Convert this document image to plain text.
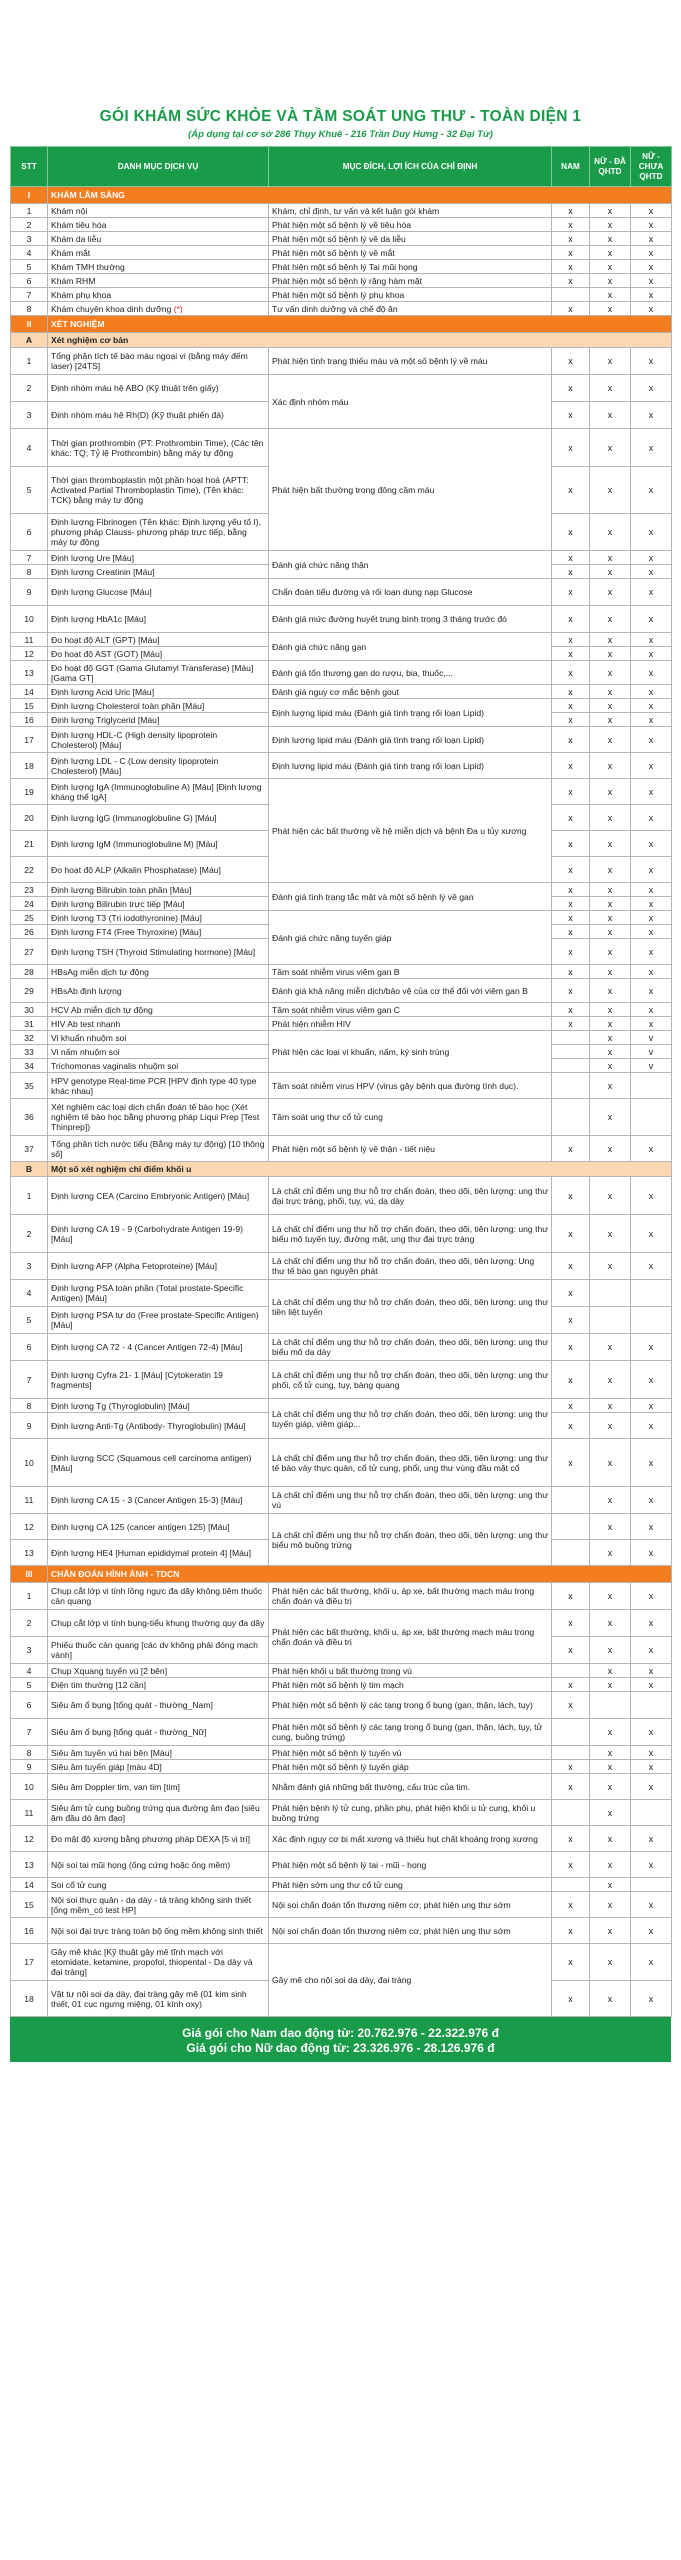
GÓI KHÁM SỨC KHỎE VÀ TẦM SOÁT UNG THƯ - TOÀN DIỆN 1
(Áp dụng tại cơ sở 286 Thụy Khuê - 216 Trần Duy Hưng - 32 Đại Từ)
STT	DANH MỤC DỊCH VỤ	MỤC ĐÍCH, LỢI ÍCH CỦA CHỈ ĐỊNH	NAM	NỮ - ĐÃ QHTD	NỮ - CHƯA QHTD
I	KHÁM LÂM SÀNG				
1	Khám nội	Khám, chỉ định, tư vấn và kết luận gói khám	x	x	x
2	Khám tiêu hóa	Phát hiện một số bệnh lý về tiêu hóa	x	x	x
3	Khám da liễu	Phát hiện một số bệnh lý về da liễu	x	x	x
4	Khám mắt	Phát hiện một số bệnh lý về mắt	x	x	x
5	Khám TMH thường	Phát hiện một số bệnh lý Tai mũi họng	x	x	x
6	Khám RHM	Phát hiện một số bệnh lý răng hàm mặt	x	x	x
7	Khám phụ khoa	Phát hiện một số bệnh lý phụ khoa		x	x
8	Khám chuyên khoa dinh dưỡng (*)	Tư vấn dinh dưỡng và chế độ ăn	x	x	x
II	XÉT NGHIỆM				
A	Xét nghiệm cơ bản				
1	Tổng phân tích tế bào máu ngoại vi (bằng máy đếm laser) [24TS]	Phát hiện tình trạng thiếu máu và một số bệnh lý về máu	x	x	x
2	Định nhóm máu hệ ABO (Kỹ thuật trên giấy)	Xác định nhóm máu	x	x	x
3	Định nhóm máu hệ Rh(D) (Kỹ thuật phiến đá)		x	x	x
4	Thời gian prothrombin (PT: Prothrombin Time), (Các tên khác: TQ; Tỷ lệ Prothrombin) bằng máy tự động	Phát hiện bất thường trong đông cầm máu	x	x	x
5	Thời gian thromboplastin một phần hoạt hoá (APTT: Activated Partial Thromboplastin Time), (Tên khác: TCK) bằng máy tự động		x	x	x
6	Định lượng Fibrinogen (Tên khác: Định lượng yếu tố I), phương pháp Clauss- phương pháp trực tiếp, bằng máy tự động		x	x	x
7	Định lượng Ure [Máu]	Đánh giá chức năng thận	x	x	x
8	Định lượng Creatinin [Máu]		x	x	x
9	Định lượng Glucose [Máu]	Chẩn đoán tiểu đường và rối loạn dung nạp Glucose	x	x	x
10	Định lượng HbA1c [Máu]	Đánh giá mức đường huyết trung bình trong 3 tháng trước đó	x	x	x
11	Đo hoạt độ ALT (GPT) [Máu]	Đánh giá chức năng gan	x	x	x
12	Đo hoạt độ AST (GOT) [Máu]		x	x	x
13	Đo hoạt độ GGT (Gama Glutamyl Transferase) [Máu] [Gama GT]	Đánh giá tổn thương gan do rượu, bia, thuốc,...	x	x	x
14	Định lượng Acid Uric [Máu]	Đánh giá nguy cơ mắc bệnh gout	x	x	x
15	Định lượng Cholesterol toàn phần [Máu]	Định lượng lipid máu (Đánh giá tình trạng rối loạn Lipid)	x	x	x
16	Định lượng Triglycerid [Máu]		x	x	x
17	Định lượng HDL-C (High density lipoprotein Cholesterol) [Máu]	Định lượng lipid máu (Đánh giá tình trạng rối loạn Lipid)	x	x	x
18	Định lượng LDL - C (Low density lipoprotein Cholesterol) [Máu]	Định lượng lipid máu (Đánh giá tình trạng rối loạn Lipid)	x	x	x
19	Định lượng IgA (Immunoglobuline A) [Máu] [Định lượng kháng thể IgA]	Phát hiện các bất thường về hệ miễn dịch và bệnh Đa u tủy xương	x	x	x
20	Định lượng IgG (Immunoglobuline G) [Máu]		x	x	x
21	Định lượng IgM (Immunoglobuline M) [Máu]		x	x	x
22	Đo hoạt độ ALP (Alkalin Phosphatase) [Máu]		x	x	x
23	Định lượng Bilirubin toàn phần [Máu]	Đánh giá tình trạng tắc mật và một số bệnh lý về gan	x	x	x
24	Định lượng Bilirubin trực tiếp [Máu]		x	x	x
25	Định lượng T3 (Tri iodothyronine) [Máu]	Đánh giá chức năng tuyến giáp	x	x	x
26	Định lượng FT4 (Free Thyroxine) [Máu]		x	x	x
27	Định lượng TSH (Thyroid Stimulating hormone) [Máu]		x	x	x
28	HBsAg miễn dịch tự động	Tầm soát nhiễm virus viêm gan B	x	x	x
29	HBsAb định lượng	Đánh giá khả năng miễn dịch/bảo vệ của cơ thể đối với viêm gan B	x	x	x
30	HCV Ab miễn dịch tự động	Tầm soát nhiễm virus viêm gan C	x	x	x
31	HIV Ab test nhanh	Phát hiện nhiễm HIV	x	x	x
32	Vi khuẩn nhuộm soi	Phát hiện các loại vi khuẩn, nấm, ký sinh trùng		x	v
33	Vi nấm nhuộm soi			x	v
34	Trichomonas vaginalis nhuộm soi			x	v
35	HPV genotype Real-time PCR [HPV định type 40 type khác nhau]	Tầm soát nhiễm virus HPV (virus gây bệnh qua đường tình dục).		x	
36	Xét nghiệm các loại dịch chẩn đoán tế bào học (Xét nghiệm tế bào học bằng phương pháp Liqui Prep [Test Thinprep])	Tầm soát ung thư cổ tử cung		x	
37	Tổng phân tích nước tiểu (Bằng máy tự động) [10 thông số]	Phát hiện một số bệnh lý về thận - tiết niệu	x	x	x
B	Một số xét nghiệm chỉ điểm khối u				
1	Định lượng CEA (Carcino Embryonic Antigen) [Máu]	Là chất chỉ điểm ung thư hỗ trợ chẩn đoán, theo dõi, tiên lượng: ung thư đại trực tràng, phổi, tụy, vú, dạ dày	x	x	x
2	Định lượng CA 19 - 9 (Carbohydrate Antigen 19-9) [Máu]	Là chất chỉ điểm ung thư hỗ trợ chẩn đoán, theo dõi, tiên lượng: ung thư biểu mô tuyến tụy, đường mật, ung thư đại trực tràng	x	x	x
3	Định lượng AFP (Alpha Fetoproteine) [Máu]	Là chất chỉ điểm ung thư hỗ trợ chẩn đoán, theo dõi, tiên lượng: Ung thư tế bào gan nguyên phát	x	x	x
4	Định lượng PSA toàn phần (Total prostate-Specific Antigen) [Máu]	Là chất chỉ điểm ung thư hỗ trợ chẩn đoán, theo dõi, tiên lượng: ung thư tiền liệt tuyến	x		
5	Định lượng PSA tự do (Free prostate-Specific Antigen) [Máu]		x		
6	Định lượng CA 72 - 4 (Cancer Antigen 72-4) [Máu]	Là chất chỉ điểm ung thư hỗ trợ chẩn đoán, theo dõi, tiên lượng: ung thư biểu mô dạ dày	x	x	x
7	Định lượng Cyfra 21- 1 [Máu] [Cytokeratin 19 fragments]	Là chất chỉ điểm ung thư hỗ trợ chẩn đoán, theo dõi, tiên lượng: ung thư phổi, cổ tử cung, tụy, bàng quang	x	x	x
8	Định lượng Tg (Thyroglobulin) [Máu]	Là chất chỉ điểm ung thư hỗ trợ chẩn đoán, theo dõi, tiên lượng: ung thư tuyến giáp, viêm giáp...	x	x	x
9	Định lượng Anti-Tg (Antibody- Thyroglobulin) [Máu]		x	x	x
10	Định lượng SCC (Squamous cell carcinoma antigen) [Máu]	Là chất chỉ điểm ung thư hỗ trợ chẩn đoán, theo dõi, tiên lượng: ung thư tế bào vảy thực quản, cổ tử cung, phổi, ung thư vùng đầu mặt cổ	x	x	x
11	Định lượng CA 15 - 3 (Cancer Antigen 15-3) [Máu]	Là chất chỉ điểm ung thư hỗ trợ chẩn đoán, theo dõi, tiên lượng: ung thư vú		x	x
12	Định lượng CA 125 (cancer antigen 125) [Máu]	Là chất chỉ điểm ung thư hỗ trợ chẩn đoán, theo dõi, tiên lượng: ung thư biểu mô buồng trứng		x	x
13	Định lượng HE4 [Human epididymal protein 4] [Máu]			x	x
III	CHẨN ĐOÁN HÌNH ẢNH - TDCN				
1	Chụp cắt lớp vi tính lồng ngực đa dãy không tiêm thuốc cản quang	Phát hiện các bất thường, khối u, áp xe, bất thường mạch máu trong chẩn đoán và điều trị	x	x	x
2	Chụp cắt lớp vi tính bụng-tiểu khung thường quy đa dãy	Phát hiện các bất thường, khối u, áp xe, bất thường mạch máu trong chẩn đoán và điều trị	x	x	x
3	Phiếu thuốc cản quang [các dv không phải đóng mạch vành]		x	x	x
4	Chụp Xquang tuyến vú [2 bên]	Phát hiện khối u bất thường trong vú		x	x
5	Điện tim thường [12 cần]	Phát hiện một số bệnh lý tim mạch	x	x	x
6	Siêu âm ổ bụng [tổng quát - thường_Nam]	Phát hiện một số bệnh lý các tạng trong ổ bụng (gan, thận, lách, tụy)	x		
7	Siêu âm ổ bụng [tổng quát - thường_Nữ]	Phát hiện một số bệnh lý các tạng trong ổ bụng (gan, thận, lách, tụy, tử cung, buồng trứng)		x	x
8	Siêu âm tuyến vú hai bên [Màu]	Phát hiện một số bệnh lý tuyến vú		x	x
9	Siêu âm tuyến giáp [màu 4D]	Phát hiện một số bệnh lý tuyến giáp	x	x	x
10	Siêu âm Doppler tim, van tim [tim]	Nhằm đánh giá những bất thường, cấu trúc của tim.	x	x	x
11	Siêu âm tử cung buồng trứng qua đường âm đạo [siêu âm đầu dò âm đạo]	Phát hiện bệnh lý tử cung, phần phụ, phát hiện khối u tử cung, khối u buồng trứng		x	
12	Đo mật độ xương bằng phương pháp DEXA [5 vị trí]	Xác định nguy cơ bị mất xương và thiếu hụt chất khoáng trong xương	x	x	x
13	Nội soi tai mũi họng (ống cứng hoặc ống mềm)	Phát hiện một số bệnh lý tai - mũi - họng	x	x	x
14	Soi cổ tử cung	Phát hiện sớm ung thư cổ tử cung		x	
15	Nội soi thực quản - dạ dày - tá tràng không sinh thiết [ống mềm_có test HP]	Nội soi chẩn đoán tổn thương niêm cơ, phát hiện ung thư sớm	x	x	x
16	Nội soi đại trực tràng toàn bộ ống mềm không sinh thiết	Nội soi chẩn đoán tổn thương niêm cơ, phát hiện ung thư sớm	x	x	x
17	Gây mê khác [Kỹ thuật gây mê tĩnh mạch với etomidate, ketamine, propofol, thiopental - Dạ dày và đại tràng]	Gây mê cho nội soi dạ dày, đại tràng	x	x	x
18	Vật tư nội soi dạ dày, đại tràng gây mê (01 kim sinh thiết, 01 cục ngưng miệng, 01 kính oxy)		x	x	x
Giá gói cho Nam dao động từ: 20.762.976 - 22.322.976 đ
Giá gói cho Nữ dao động từ: 23.326.976 - 28.126.976 đ
